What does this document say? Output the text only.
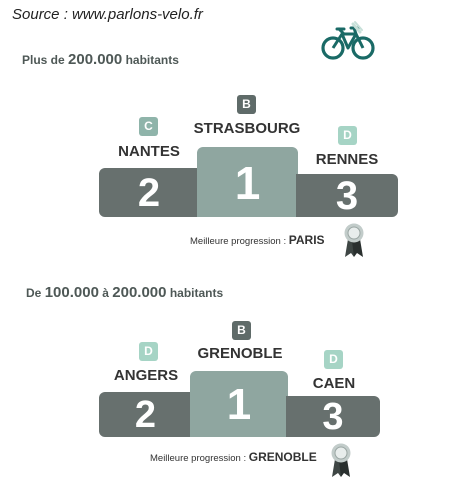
Source : www.parlons-velo.fr
Plus de 200.000 habitants
B
C
D
STRASBOURG
NANTES	RENNES
2	1	3
Meilleure progression : PARIS
De 100.000 à 200.000 habitants
B
D
D
GRENOBLE
ANGERS	CAEN
2	1	3
Meilleure progression : GRENOBLE
